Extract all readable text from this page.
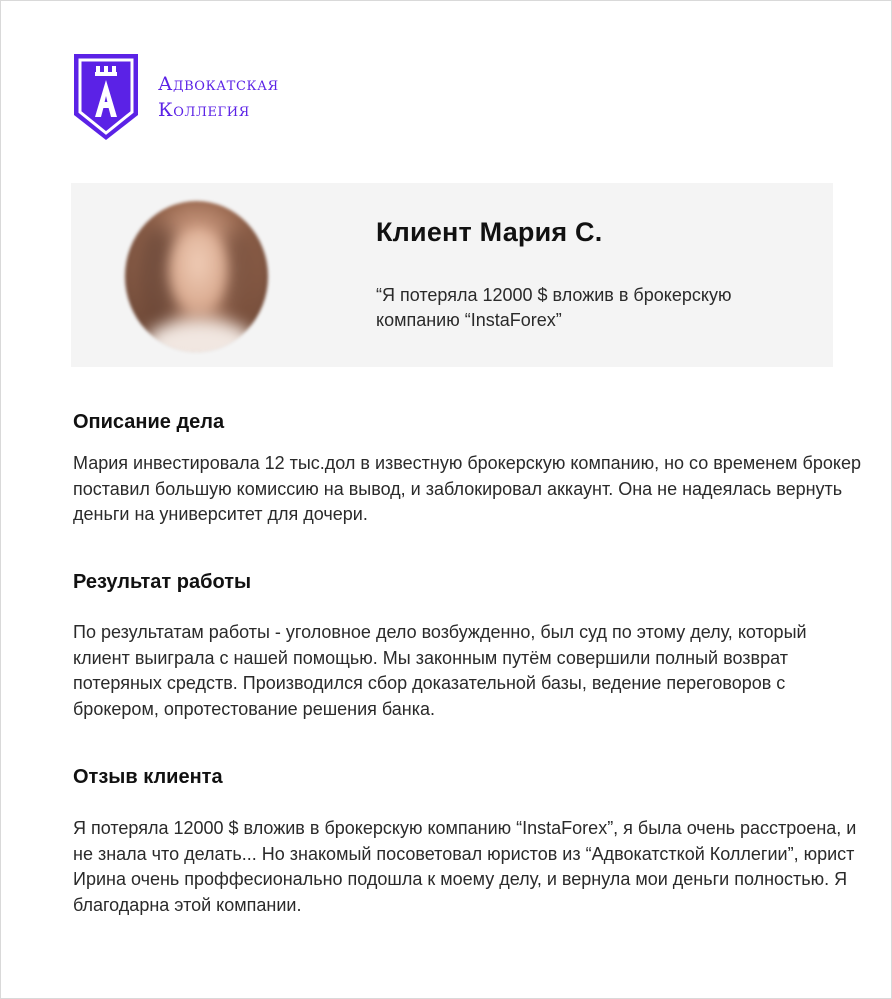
Адвокатская
Коллегия
Клиент Мария С.
“Я потеряла 12000 $ вложив в брокерскую компанию “InstaForex”
Описание дела

Мария инвестировала 12 тыс.дол в известную брокерскую компанию, но со временем брокер поставил большую комиссию на вывод, и заблокировал аккаунт. Она не надеялась вернуть деньги на университет для дочери.

Результат работы

По результатам работы - уголовное дело возбужденно, был суд по этому делу, который клиент выиграла с нашей помощью. Мы законным путём совершили полный возврат потеряных средств. Производился сбор доказательной базы, ведение переговоров с брокером, опротестование решения банка.

Отзыв клиента

Я потеряла 12000 $ вложив в брокерскую компанию “InstaForex”, я была очень расстроена, и не знала что делать... Но знакомый посоветовал юристов из “Адвокатсткой Коллегии”, юрист Ирина очень проффесионально подошла к моему делу, и вернула мои деньги полностью. Я благодарна этой компании.
